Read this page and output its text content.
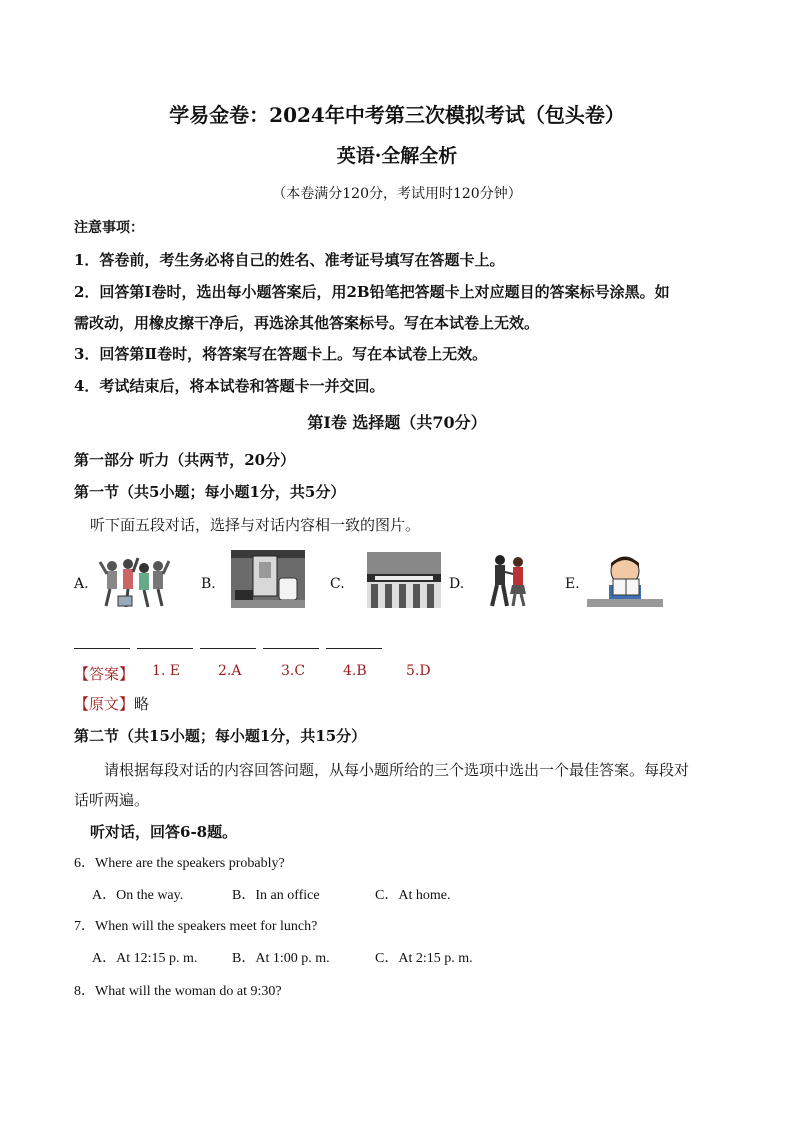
学易金卷：2024年中考第三次模拟考试（包头卷）
英语·全解全析
（本卷满分120分，考试用时120分钟）
注意事项：
1．答卷前，考生务必将自己的姓名、准考证号填写在答题卡上。
2．回答第Ⅰ卷时，选出每小题答案后，用2B铅笔把答题卡上对应题目的答案标号涂黑。如
需改动，用橡皮擦干净后，再选涂其他答案标号。写在本试卷上无效。
3．回答第Ⅱ卷时，将答案写在答题卡上。写在本试卷上无效。
4．考试结束后，将本试卷和答题卡一并交回。
第Ⅰ卷 选择题（共70分）
第一部分 听力（共两节，20分）
第一节（共5小题；每小题1分，共5分）
听下面五段对话，选择与对话内容相一致的图片。
A.	B.	C.	D.	E.
【答案】 1. E	2.A	3.C	4.B	5.D
【原文】略
第二节（共15小题；每小题1分，共15分）
请根据每段对话的内容回答问题，从每小题所给的三个选项中选出一个最佳答案。每段对
话听两遍。
听对话，回答6-8题。
6．Where are the speakers probably?
A．On the way.	B．In an office	C．At home.
7．When will the speakers meet for lunch?
A．At 12:15 p. m. B．At 1:00 p. m.	C．At 2:15 p. m.
8．What will the woman do at 9:30?
